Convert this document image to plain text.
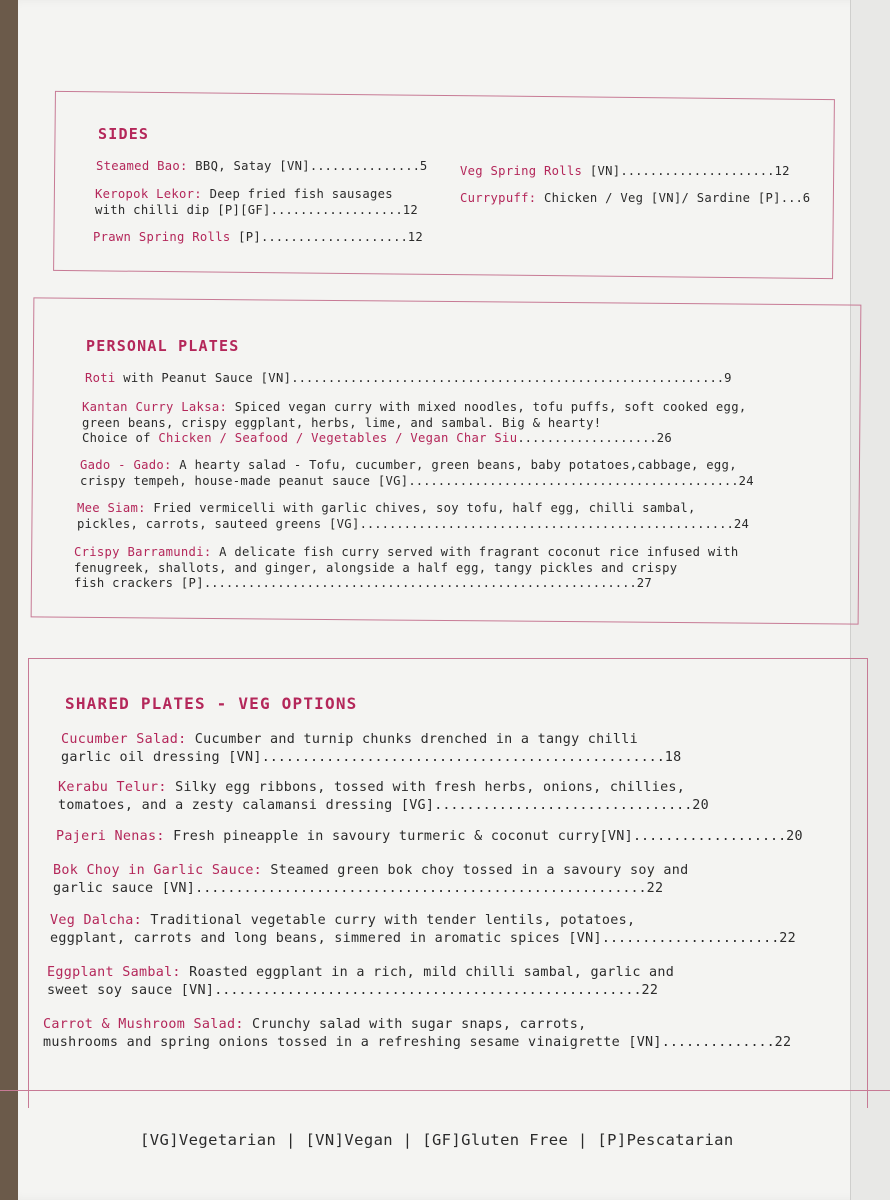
SIDES
Steamed Bao: BBQ, Satay [VN]...............5
Keropok Lekor: Deep fried fish sausages
with chilli dip [P][GF]..................12
Prawn Spring Rolls [P]....................12
Veg Spring Rolls [VN].....................12
Currypuff: Chicken / Veg [VN]/ Sardine [P]...6
PERSONAL PLATES
Roti with Peanut Sauce [VN]...........................................................9
Kantan Curry Laksa: Spiced vegan curry with mixed noodles, tofu puffs, soft cooked egg,
green beans, crispy eggplant, herbs, lime, and sambal. Big & hearty!
Choice of Chicken / Seafood / Vegetables / Vegan Char Siu...................26
Gado - Gado: A hearty salad - Tofu, cucumber, green beans, baby potatoes,cabbage, egg,
crispy tempeh, house-made peanut sauce [VG].............................................24
Mee Siam: Fried vermicelli with garlic chives, soy tofu, half egg, chilli sambal,
pickles, carrots, sauteed greens [VG]...................................................24
Crispy Barramundi: A delicate fish curry served with fragrant coconut rice infused with
fenugreek, shallots, and ginger, alongside a half egg, tangy pickles and crispy
fish crackers [P]...........................................................27
SHARED PLATES - VEG OPTIONS
Cucumber Salad: Cucumber and turnip chunks drenched in a tangy chilli
garlic oil dressing [VN]..................................................18
Kerabu Telur: Silky egg ribbons, tossed with fresh herbs, onions, chillies,
tomatoes, and a zesty calamansi dressing [VG]................................20
Pajeri Nenas: Fresh pineapple in savoury turmeric & coconut curry[VN]...................20
Bok Choy in Garlic Sauce: Steamed green bok choy tossed in a savoury soy and
garlic sauce [VN]........................................................22
Veg Dalcha: Traditional vegetable curry with tender lentils, potatoes,
eggplant, carrots and long beans, simmered in aromatic spices [VN]......................22
Eggplant Sambal: Roasted eggplant in a rich, mild chilli sambal, garlic and
sweet soy sauce [VN].....................................................22
Carrot & Mushroom Salad: Crunchy salad with sugar snaps, carrots,
mushrooms and spring onions tossed in a refreshing sesame vinaigrette [VN]..............22
[VG]Vegetarian | [VN]Vegan | [GF]Gluten Free | [P]Pescatarian
